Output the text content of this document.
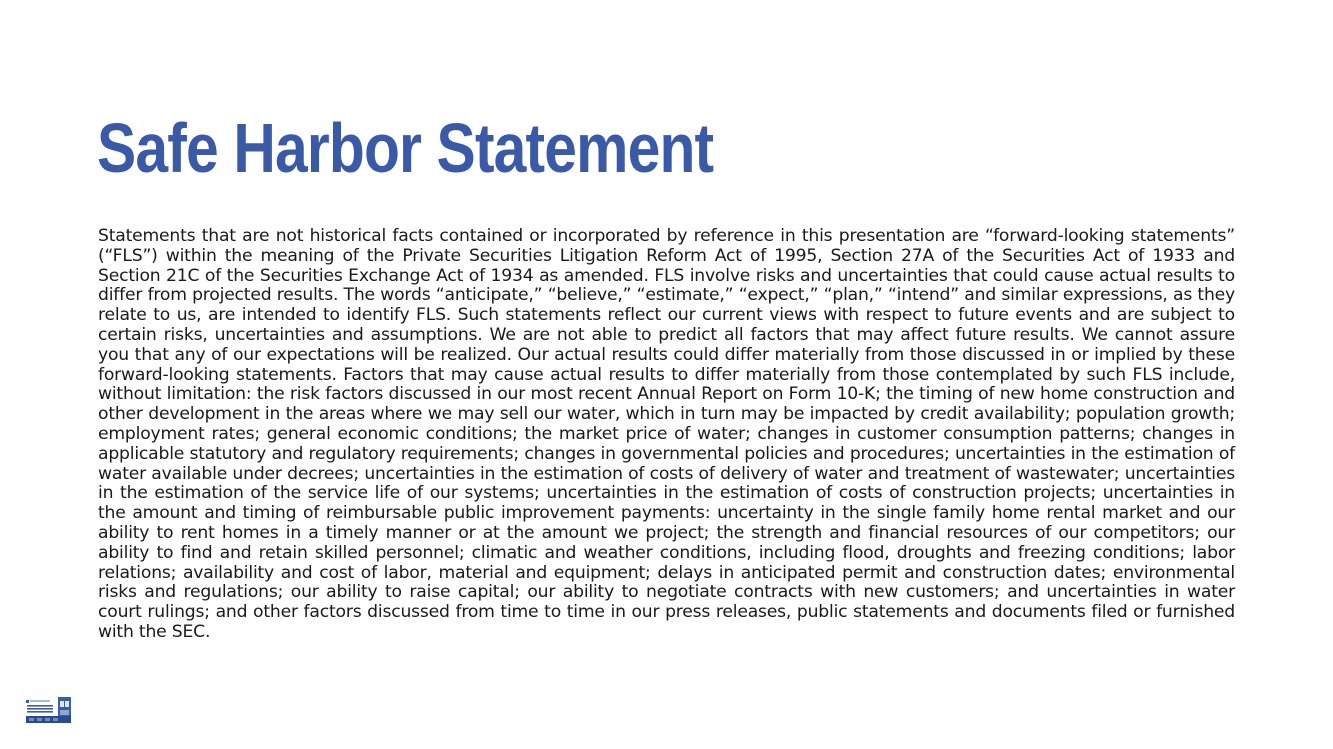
Safe Harbor Statement

Statements that are not historical facts contained or incorporated by reference in this presentation are “forward-looking statements” (“FLS”) within the meaning of the Private Securities Litigation Reform Act of 1995, Section 27A of the Securities Act of 1933 and Section 21C of the Securities Exchange Act of 1934 as amended. FLS involve risks and uncertainties that could cause actual results to differ from projected results. The words “anticipate,” “believe,” “estimate,” “expect,” “plan,” “intend” and similar expressions, as they relate to us, are intended to identify FLS. Such statements reflect our current views with respect to future events and are subject to certain risks, uncertainties and assumptions. We are not able to predict all factors that may affect future results. We cannot assure you that any of our expectations will be realized. Our actual results could differ materially from those discussed in or implied by these forward-looking statements. Factors that may cause actual results to differ materially from those contemplated by such FLS include, without limitation: the risk factors discussed in our most recent Annual Report on Form 10-K; the timing of new home construction and other development in the areas where we may sell our water, which in turn may be impacted by credit availability; population growth; employment rates; general economic conditions; the market price of water; changes in customer consumption patterns; changes in applicable statutory and regulatory requirements; changes in governmental policies and procedures; uncertainties in the estimation of water available under decrees; uncertainties in the estimation of costs of delivery of water and treatment of wastewater; uncertainties in the estimation of the service life of our systems; uncertainties in the estimation of costs of construction projects; uncertainties in the amount and timing of reimbursable public improvement payments: uncertainty in the single family home rental market and our ability to rent homes in a timely manner or at the amount we project; the strength and financial resources of our competitors; our ability to find and retain skilled personnel; climatic and weather conditions, including flood, droughts and freezing conditions; labor relations; availability and cost of labor, material and equipment; delays in anticipated permit and construction dates; environmental risks and regulations; our ability to raise capital; our ability to negotiate contracts with new customers; and uncertainties in water court rulings; and other factors discussed from time to time in our press releases, public statements and documents filed or furnished with the SEC.
